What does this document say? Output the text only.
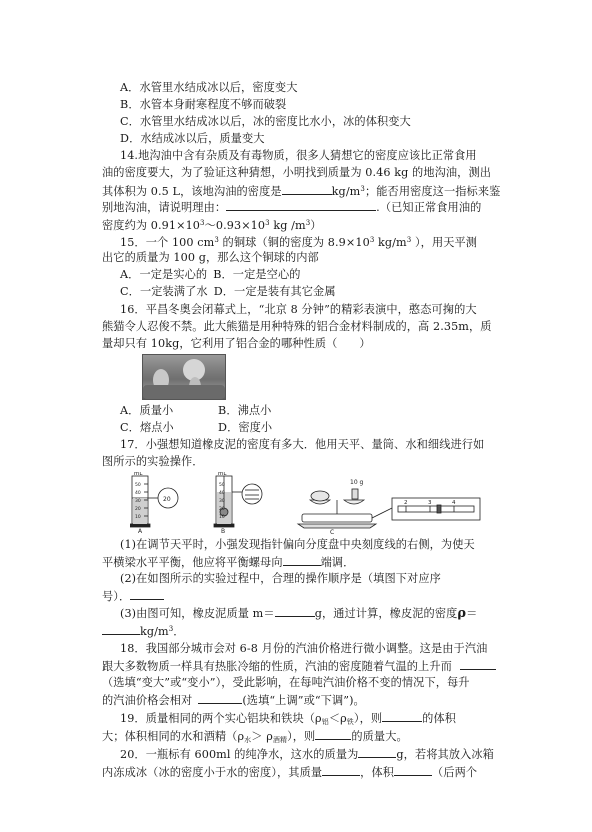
A．水管里水结成冰以后，密度变大
B．水管本身耐寒程度不够而破裂
C．水管里水结成冰以后，冰的密度比水小，冰的体积变大
D．水结成冰以后，质量变大
14.地沟油中含有杂质及有毒物质，很多人猜想它的密度应该比正常食用
油的密度要大，为了验证这种猜想，小明找到质量为 0.46 kg 的地沟油，测出
其体积为 0.5 L，该地沟油的密度是	$kg/m^3$；能否用密度这一指标来鉴
别地沟油，请说明理由：	.（已知正常食用油的
密度约为 $0.91\times 10^3\sim 0.93\times 10^3$ kg $/m^3$）
15．一个 100 $cm^3$ 的铜球（铜的密度为 $8.9\times 10^3$ $kg/m^3$ ），用天平测
出它的质量为 100 g，那么这个铜球的内部
A．一定是实心的 B．一定是空心的
C．一定装满了水 D．一定是装有其它金属
16．平昌冬奥会闭幕式上，“北京 8 分钟”的精彩表演中，憨态可掬的大
熊猫令人忍俊不禁。此大熊猫是用种特殊的铝合金材料制成的，高 2.35m，质
量却只有 10kg，它利用了铝合金的哪种性质（ ）
A．质量小	B．沸点小
C．熔点小	D．密度小
17．小强想知道橡皮泥的密度有多大．他用天平、量筒、水和细线进行如
图所示的实验操作．
mL
50
40
30
20
10
20
A
mL
50
40
30
20
10
B
10 g
C
2	3	4
(1)在调节天平时，小强发现指针偏向分度盘中央刻度线的右侧，为使天
平横梁水平平衡，他应将平衡螺母向	端调．
(2)在如图所示的实验过程中，合理的操作顺序是（填图下对应序
号）．
(3)由图可知，橡皮泥质量 m＝	g，通过计算，橡皮泥的密度ρ＝
$kg/m^3$．
18．我国部分城市会对 6-8 月份的汽油价格进行微小调整。这是由于汽油
跟大多数物质一样具有热胀冷缩的性质，汽油的密度随着气温的上升而
（选填“变大”或“变小”），受此影响，在每吨汽油价格不变的情况下，每升
的汽油价格会相对	(选填“上调”或“下调”)。
19．质量相同的两个实心铝块和铁块$(\rho_铝<\rho_铁)$，则	的体积
大；体积相同的水和酒精$(\rho_水> \rho_{酒精})$，则	的质量大。
20．一瓶标有 600ml 的纯净水，这水的质量为	g，若将其放入冰箱
内冻成冰（冰的密度小于水的密度），其质量	，体积	（后两个
